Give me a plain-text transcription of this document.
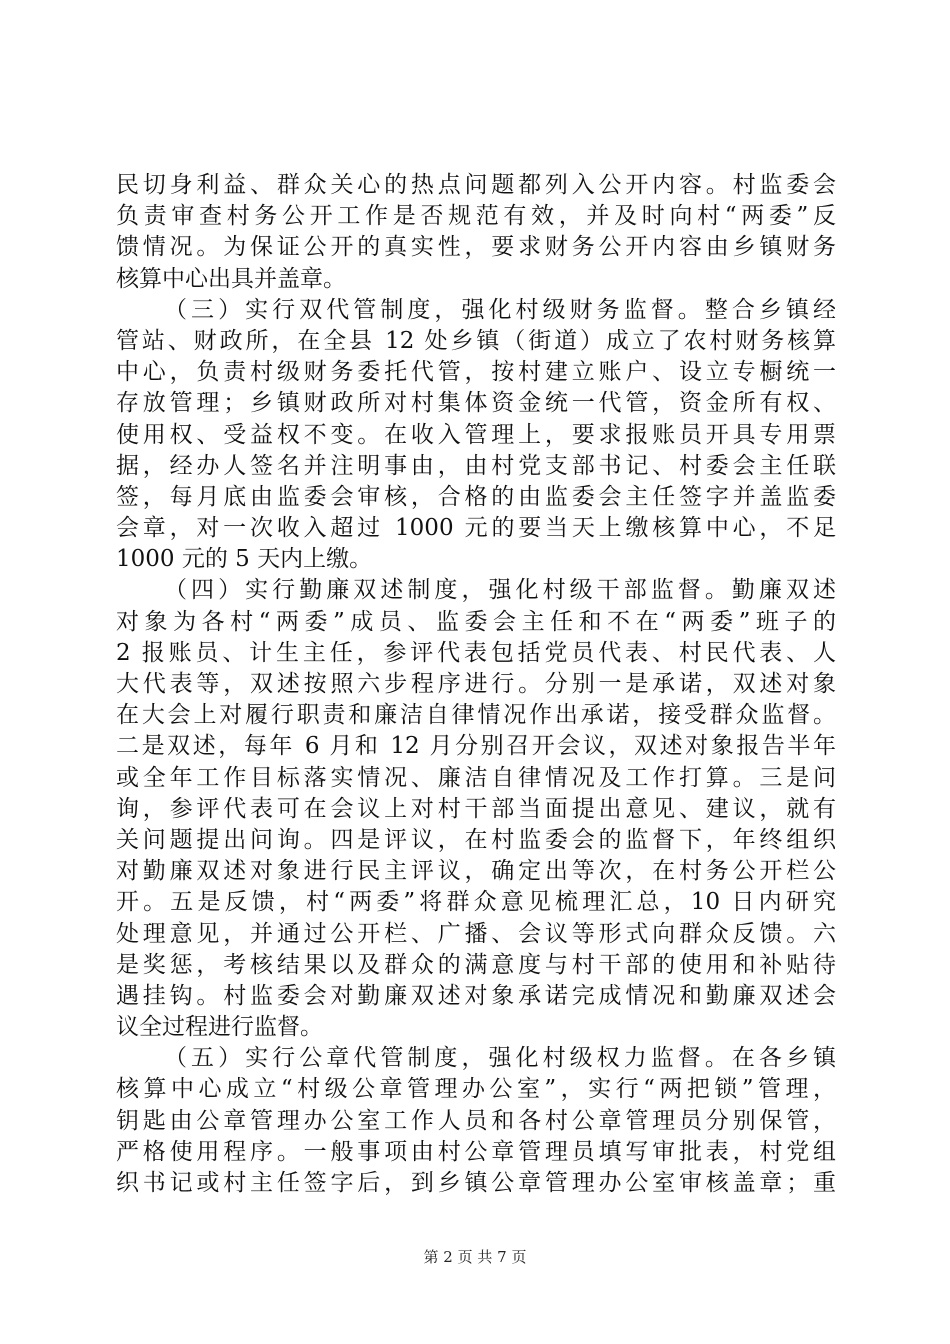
民切身利益、群众关心的热点问题都列入公开内容。村监委会
负责审查村务公开工作是否规范有效，并及时向村“两委”反
馈情况。为保证公开的真实性，要求财务公开内容由乡镇财务
核算中心出具并盖章。
（三）实行双代管制度，强化村级财务监督。整合乡镇经
管站、财政所，在全县 12 处乡镇（街道）成立了农村财务核算
中心，负责村级财务委托代管，按村建立账户、设立专橱统一
存放管理；乡镇财政所对村集体资金统一代管，资金所有权、
使用权、受益权不变。在收入管理上，要求报账员开具专用票
据，经办人签名并注明事由，由村党支部书记、村委会主任联
签，每月底由监委会审核，合格的由监委会主任签字并盖监委
会章，对一次收入超过 1000 元的要当天上缴核算中心，不足
1000 元的 5 天内上缴。
（四）实行勤廉双述制度，强化村级干部监督。勤廉双述
对象为各村“两委”成员、监委会主任和不在“两委”班子的
2 报账员、计生主任，参评代表包括党员代表、村民代表、人
大代表等，双述按照六步程序进行。分别一是承诺，双述对象
在大会上对履行职责和廉洁自律情况作出承诺，接受群众监督。
二是双述，每年 6 月和 12 月分别召开会议，双述对象报告半年
或全年工作目标落实情况、廉洁自律情况及工作打算。三是问
询，参评代表可在会议上对村干部当面提出意见、建议，就有
关问题提出问询。四是评议，在村监委会的监督下，年终组织
对勤廉双述对象进行民主评议，确定出等次，在村务公开栏公
开。五是反馈，村“两委”将群众意见梳理汇总，10 日内研究
处理意见，并通过公开栏、广播、会议等形式向群众反馈。六
是奖惩，考核结果以及群众的满意度与村干部的使用和补贴待
遇挂钩。村监委会对勤廉双述对象承诺完成情况和勤廉双述会
议全过程进行监督。
（五）实行公章代管制度，强化村级权力监督。在各乡镇
核算中心成立“村级公章管理办公室”，实行“两把锁”管理，
钥匙由公章管理办公室工作人员和各村公章管理员分别保管，
严格使用程序。一般事项由村公章管理员填写审批表，村党组
织书记或村主任签字后，到乡镇公章管理办公室审核盖章；重
第 2 页 共 7 页
